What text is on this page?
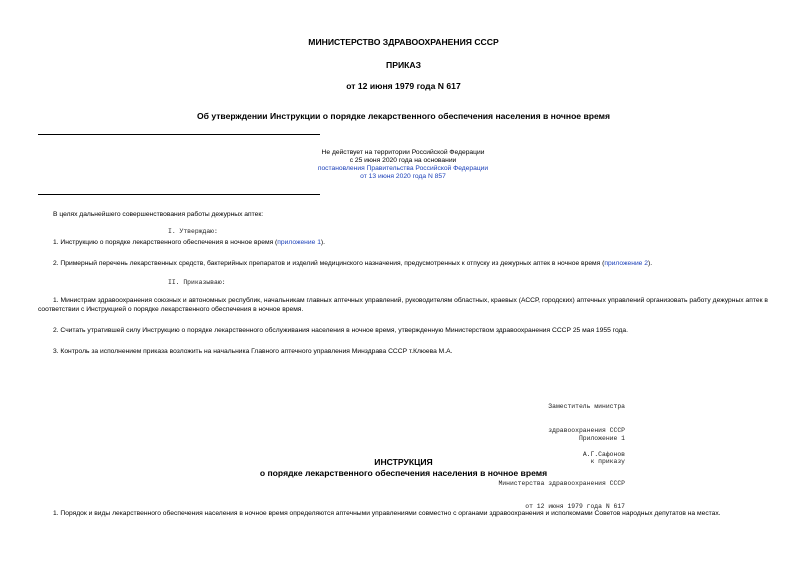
МИНИСТЕРСТВО ЗДРАВООХРАНЕНИЯ СССР
ПРИКАЗ
от 12 июня 1979 года N 617
Об утверждении Инструкции о порядке лекарственного обеспечения населения в ночное время
Не действует на территории Российской Федерации
с 25 июня 2020 года на основании
постановления Правительства Российской Федерации
от 13 июня 2020 года N 857
В целях дальнейшего совершенствования работы дежурных аптек:
I. Утверждаю:
1. Инструкцию о порядке лекарственного обеспечения в ночное время (приложение 1).
2. Примерный перечень лекарственных средств, бактерийных препаратов и изделий медицинского назначения, предусмотренных к отпуску из дежурных аптек в ночное время (приложение 2).
II. Приказываю:
1. Министрам здравоохранения союзных и автономных республик, начальникам главных аптечных управлений, руководителям областных, краевых (АССР, городских) аптечных управлений организовать работу дежурных аптек в соответствии с Инструкцией о порядке лекарственного обеспечения в ночное время.
2. Считать утратившей силу Инструкцию о порядке лекарственного обслуживания населения в ночное время, утвержденную Министерством здравоохранения СССР 25 мая 1955 года.
3. Контроль за исполнением приказа возложить на начальника Главного аптечного управления Минздрава СССР т.Клюева М.А.

Заместитель министра

здравоохранения СССР

А.Г.Сафонов

Приложение 1

к приказу

Министерства здравоохранения СССР

от 12 июня 1979 года N 617

ИНСТРУКЦИЯ
о порядке лекарственного обеспечения населения в ночное время
1. Порядок и виды лекарственного обеспечения населения в ночное время определяются аптечными управлениями совместно с органами здравоохранения и исполкомами Советов народных депутатов на местах.
